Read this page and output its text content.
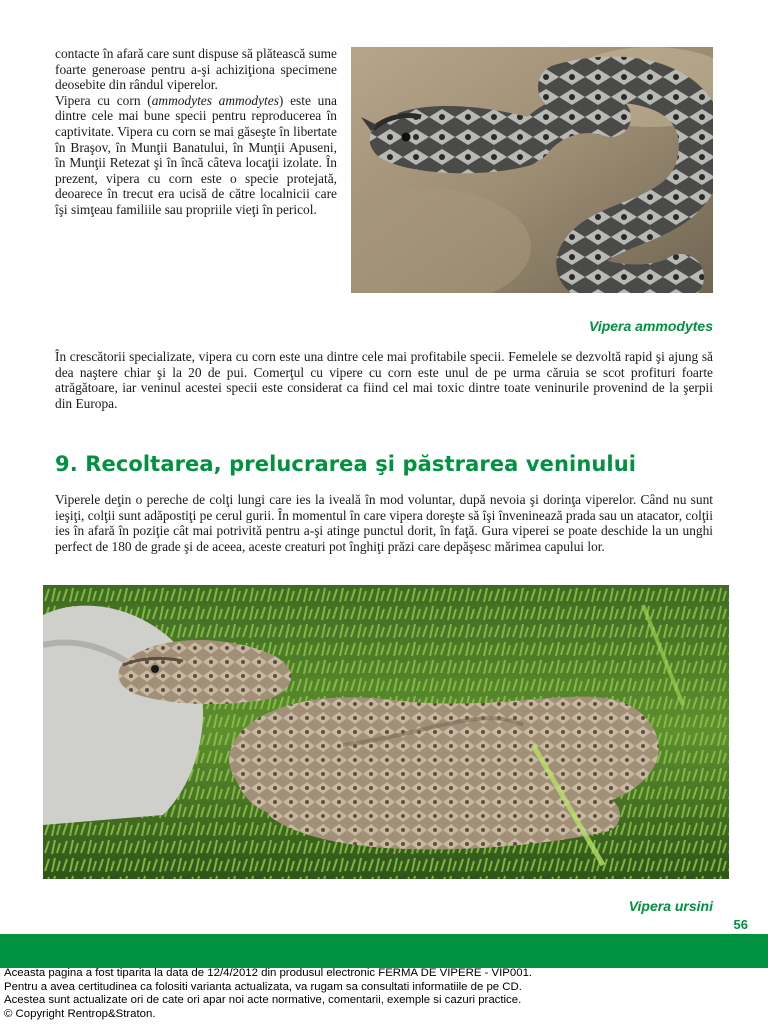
contacte în afară care sunt dispuse să plătească sume foarte generoase pentru a-şi achiziţiona specimene deosebite din rândul viperelor.
Vipera cu corn (ammodytes ammodytes) este una dintre cele mai bune specii pentru reproducerea în captivitate. Vipera cu corn se mai găseşte în libertate în Braşov, în Munţii Banatului, în Munţii Apuseni, în Munţii Retezat şi în încă câteva locaţii izolate. În prezent, vipera cu corn este o specie protejată, deoarece în trecut era ucisă de către localnicii care îşi simţeau familiile sau propriile vieţi în pericol.

Vipera ammodytes

În crescătorii specializate, vipera cu corn este una dintre cele mai profitabile specii. Femelele se dezvoltă rapid şi ajung să dea naştere chiar şi la 20 de pui. Comerţul cu vipere cu corn este unul de pe urma căruia se scot profituri foarte atrăgătoare, iar veninul acestei specii este considerat ca fiind cel mai toxic dintre toate veninurile provenind de la şerpii din Europa.

9. Recoltarea, prelucrarea şi păstrarea veninului

Viperele deţin o pereche de colţi lungi care ies la iveală în mod voluntar, după nevoia şi dorinţa viperelor. Când nu sunt ieşiţi, colţii sunt adăpostiţi pe cerul gurii. În momentul în care vipera doreşte să îşi înveninează prada sau un atacator, colţii ies în afară în poziţie cât mai potrivită pentru a-şi atinge punctul dorit, în faţă. Gura viperei se poate deschide la un unghi perfect de 180 de grade şi de aceea, aceste creaturi pot înghiţi prăzi care depăşesc mărimea capului lor.

Vipera ursini

56

Aceasta pagina a fost tiparita la data de 12/4/2012 din produsul electronic FERMA DE VIPERE - VIP001.
Pentru a avea certitudinea ca folositi varianta actualizata, va rugam sa consultati informatiile de pe CD.
Acestea sunt actualizate ori de cate ori apar noi acte normative, comentarii, exemple si cazuri practice.
© Copyright Rentrop&Straton.
